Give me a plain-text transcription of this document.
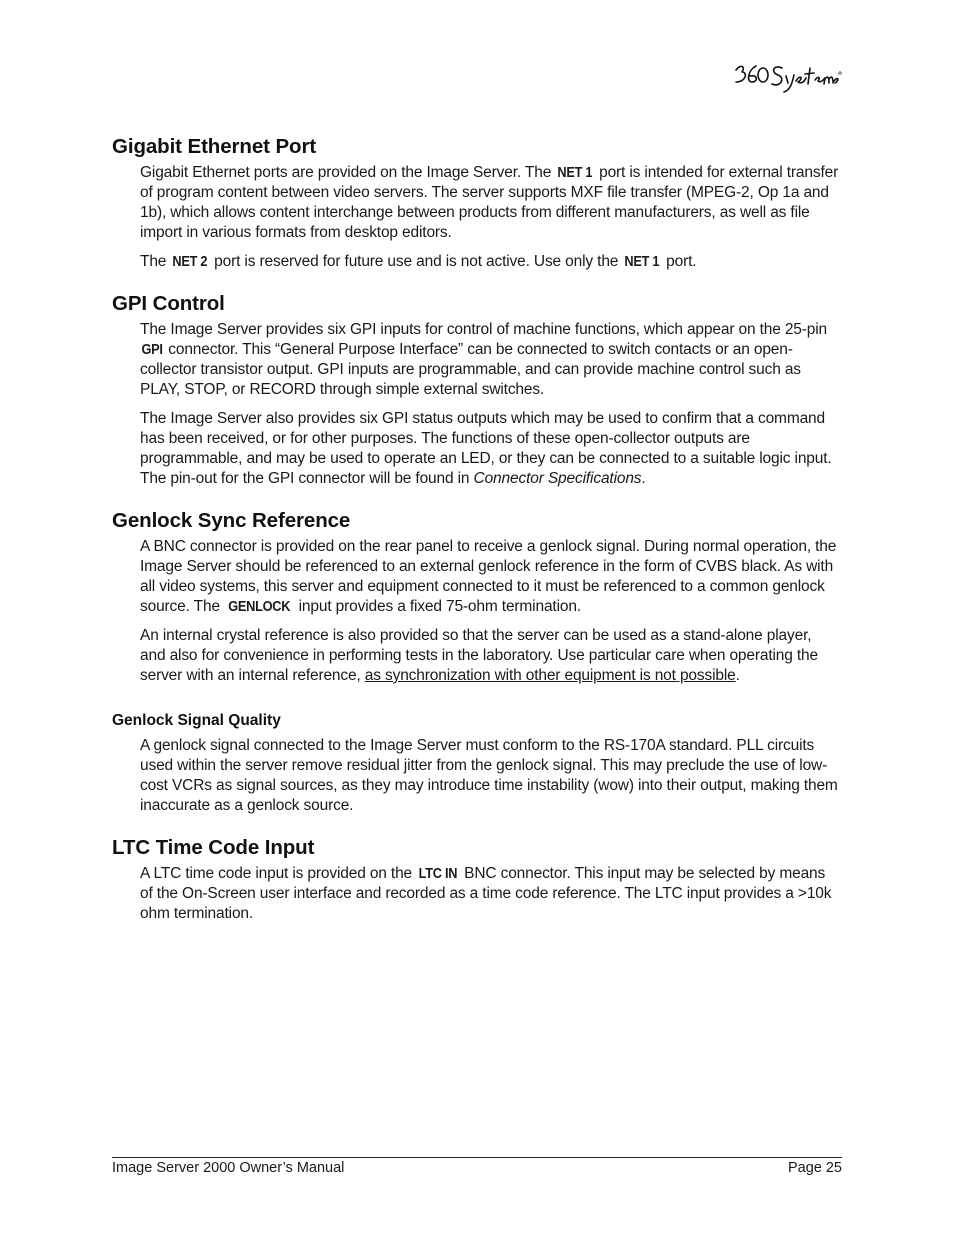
Gigabit Ethernet Port

Gigabit Ethernet ports are provided on the Image Server. The NET 1 port is intended for external transfer of program content between video servers. The server supports MXF file transfer (MPEG-2, Op 1a and 1b), which allows content interchange between products from different manufacturers, as well as file import in various formats from desktop editors.

The NET 2 port is reserved for future use and is not active. Use only the NET 1 port.

GPI Control

The Image Server provides six GPI inputs for control of machine functions, which appear on the 25-pin GPI connector. This “General Purpose Interface” can be connected to switch contacts or an open-collector transistor output. GPI inputs are programmable, and can provide machine control such as PLAY, STOP, or RECORD through simple external switches.

The Image Server also provides six GPI status outputs which may be used to confirm that a command has been received, or for other purposes. The functions of these open-collector outputs are programmable, and may be used to operate an LED, or they can be connected to a suitable logic input. The pin-out for the GPI connector will be found in Connector Specifications.

Genlock Sync Reference

A BNC connector is provided on the rear panel to receive a genlock signal. During normal operation, the Image Server should be referenced to an external genlock reference in the form of CVBS black. As with all video systems, this server and equipment connected to it must be referenced to a common genlock source. The GENLOCK input provides a fixed 75-ohm termination.

An internal crystal reference is also provided so that the server can be used as a stand-alone player, and also for convenience in performing tests in the laboratory. Use particular care when operating the server with an internal reference, as synchronization with other equipment is not possible.

Genlock Signal Quality

A genlock signal connected to the Image Server must conform to the RS-170A standard. PLL circuits used within the server remove residual jitter from the genlock signal. This may preclude the use of low-cost VCRs as signal sources, as they may introduce time instability (wow) into their output, making them inaccurate as a genlock source.

LTC Time Code Input

A LTC time code input is provided on the LTC IN BNC connector. This input may be selected by means of the On-Screen user interface and recorded as a time code reference. The LTC input provides a >10k ohm termination.

Image Server 2000 Owner’s Manual	Page 25
